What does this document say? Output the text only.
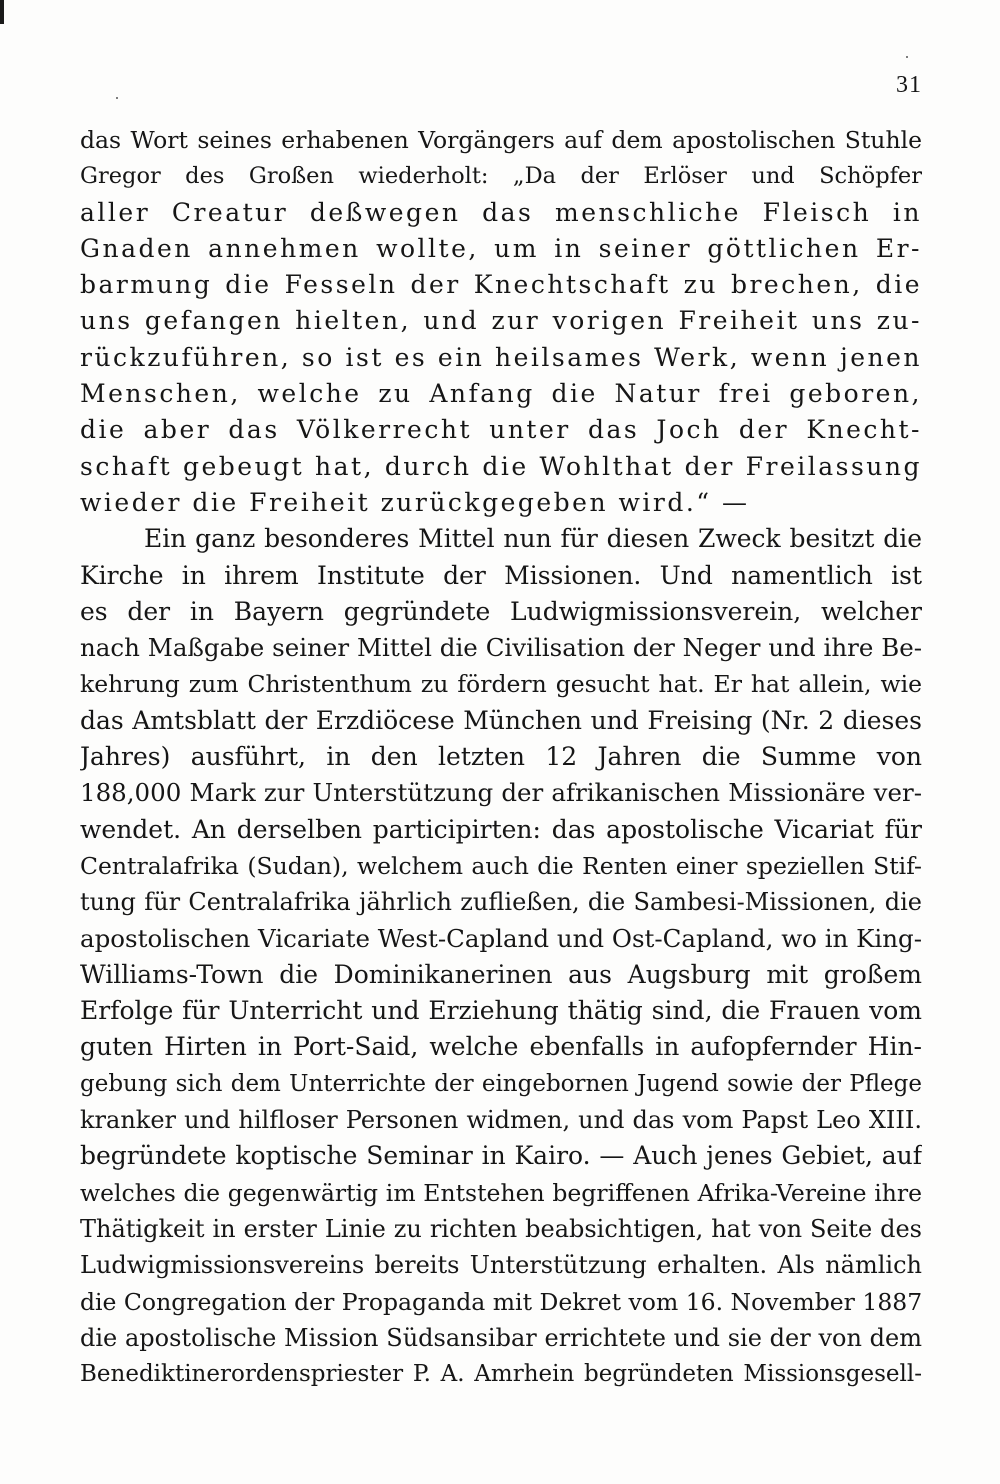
31
das Wort seines erhabenen Vorgängers auf dem apostolischen Stuhle
Gregor des Großen wiederholt: „Da der Erlöser und Schöpfer
aller Creatur deßwegen das menschliche Fleisch in
Gnaden annehmen wollte, um in seiner göttlichen Er-
barmung die Fesseln der Knechtschaft zu brechen, die
uns gefangen hielten, und zur vorigen Freiheit uns zu-
rückzuführen, so ist es ein heilsames Werk, wenn jenen
Menschen, welche zu Anfang die Natur frei geboren,
die aber das Völkerrecht unter das Joch der Knecht-
schaft gebeugt hat, durch die Wohlthat der Freilassung
wieder die Freiheit zurückgegeben wird.“ —
Ein ganz besonderes Mittel nun für diesen Zweck besitzt die
Kirche in ihrem Institute der Missionen. Und namentlich ist
es der in Bayern gegründete Ludwigmissionsverein, welcher
nach Maßgabe seiner Mittel die Civilisation der Neger und ihre Be-
kehrung zum Christenthum zu fördern gesucht hat. Er hat allein, wie
das Amtsblatt der Erzdiöcese München und Freising (Nr. 2 dieses
Jahres) ausführt, in den letzten 12 Jahren die Summe von
188,000 Mark zur Unterstützung der afrikanischen Missionäre ver-
wendet. An derselben participirten: das apostolische Vicariat für
Centralafrika (Sudan), welchem auch die Renten einer speziellen Stif-
tung für Centralafrika jährlich zufließen, die Sambesi-Missionen, die
apostolischen Vicariate West-Capland und Ost-Capland, wo in King-
Williams-Town die Dominikanerinen aus Augsburg mit großem
Erfolge für Unterricht und Erziehung thätig sind, die Frauen vom
guten Hirten in Port-Said, welche ebenfalls in aufopfernder Hin-
gebung sich dem Unterrichte der eingebornen Jugend sowie der Pflege
kranker und hilfloser Personen widmen, und das vom Papst Leo XIII.
begründete koptische Seminar in Kairo. — Auch jenes Gebiet, auf
welches die gegenwärtig im Entstehen begriffenen Afrika-Vereine ihre
Thätigkeit in erster Linie zu richten beabsichtigen, hat von Seite des
Ludwigmissionsvereins bereits Unterstützung erhalten. Als nämlich
die Congregation der Propaganda mit Dekret vom 16. November 1887
die apostolische Mission Südsansibar errichtete und sie der von dem
Benediktinerordenspriester P. A. Amrhein begründeten Missionsgesell-
